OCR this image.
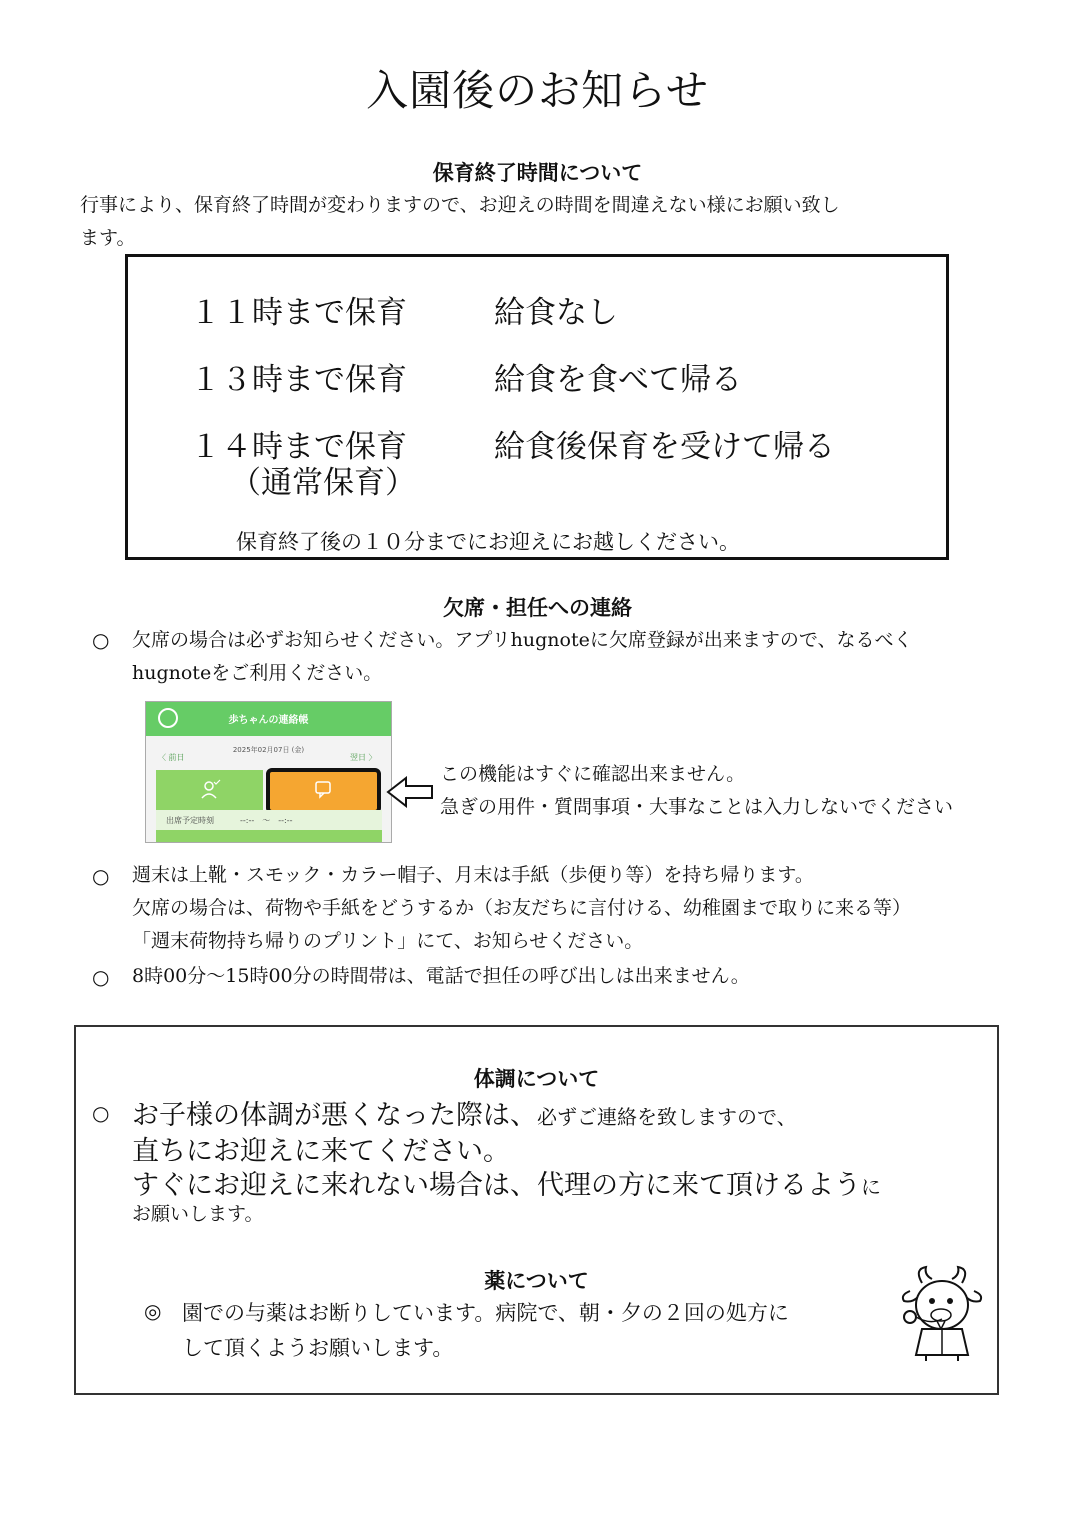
入園後のお知らせ
保育終了時間について
行事により、保育終了時間が変わりますので、お迎えの時間を間違えない様にお願い致し
ます。
１１時まで保育	給食なし
１３時まで保育	給食を食べて帰る
１４時まで保育	給食後保育を受けて帰る
（通常保育）
保育終了後の１０分までにお迎えにお越しください。
欠席・担任への連絡
○ 欠席の場合は必ずお知らせください。アプリhugnoteに欠席登録が出来ますので、なるべく
hugnoteをご利用ください。
歩ちゃんの連絡帳
2025年02月07日 (金)
〈 前日	翌日 〉
出席予定時刻	--:--　～　--:--
この機能はすぐに確認出来ません。
急ぎの用件・質問事項・大事なことは入力しないでください
○ 週末は上靴・スモック・カラー帽子、月末は手紙（歩便り等）を持ち帰ります。
欠席の場合は、荷物や手紙をどうするか（お友だちに言付ける、幼稚園まで取りに来る等）
「週末荷物持ち帰りのプリント」にて、お知らせください。
○ 8時00分～15時00分の時間帯は、電話で担任の呼び出しは出来ません。
体調について
○ お子様の体調が悪くなった際は、必ずご連絡を致しますので、
直ちにお迎えに来てください。
すぐにお迎えに来れない場合は、代理の方に来て頂けるように
お願いします。
薬について
◎ 園での与薬はお断りしています。病院で、朝・夕の２回の処方に
して頂くようお願いします。
